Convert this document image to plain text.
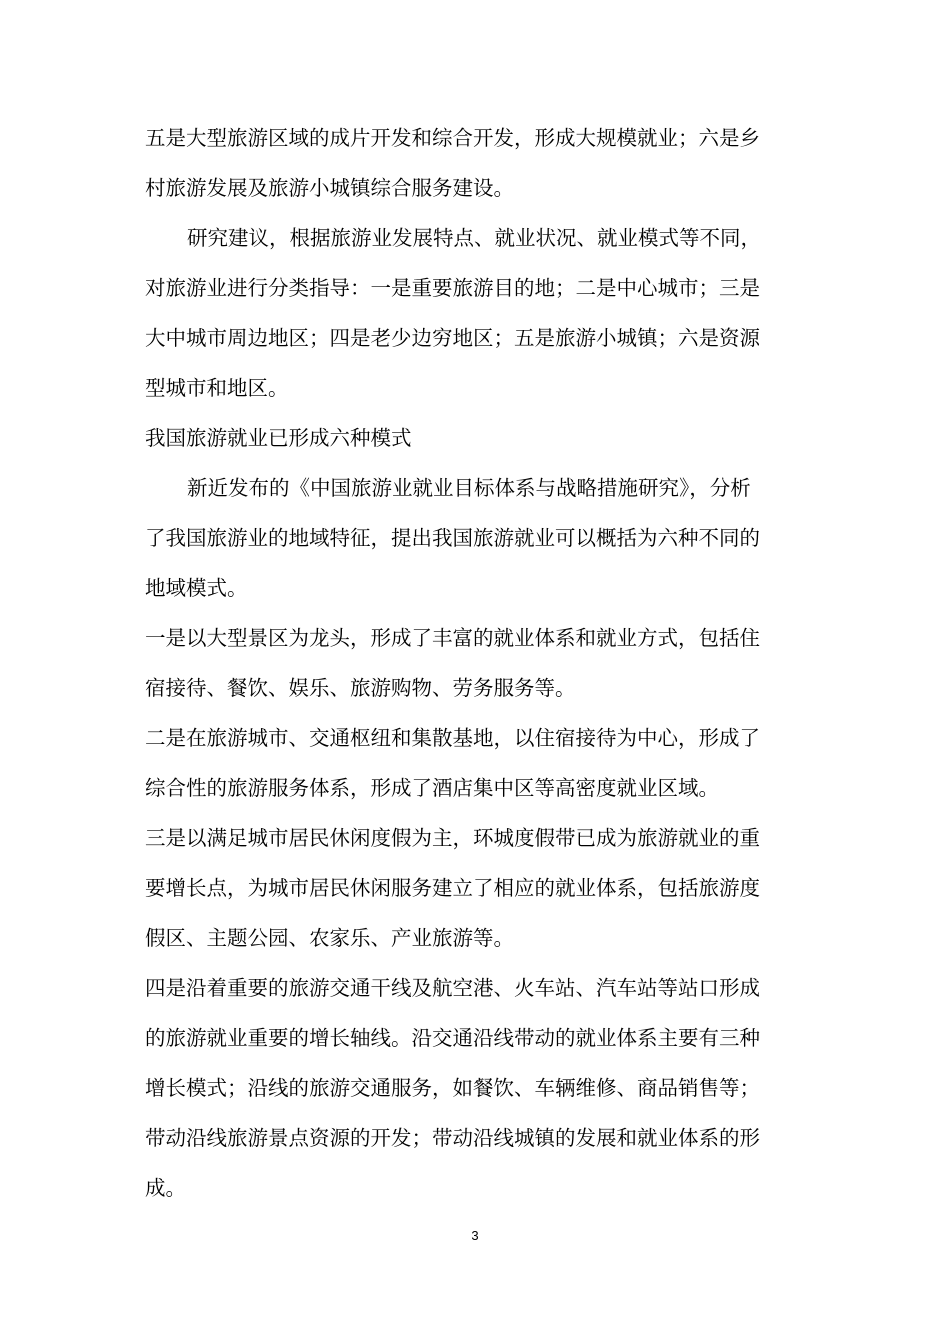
五是大型旅游区域的成片开发和综合开发，形成大规模就业；六是乡
村旅游发展及旅游小城镇综合服务建设。
研究建议，根据旅游业发展特点、就业状况、就业模式等不同，
对旅游业进行分类指导：一是重要旅游目的地；二是中心城市；三是
大中城市周边地区；四是老少边穷地区；五是旅游小城镇；六是资源
型城市和地区。
我国旅游就业已形成六种模式
新近发布的《中国旅游业就业目标体系与战略措施研究》，分析
了我国旅游业的地域特征，提出我国旅游就业可以概括为六种不同的
地域模式。
一是以大型景区为龙头，形成了丰富的就业体系和就业方式，包括住
宿接待、餐饮、娱乐、旅游购物、劳务服务等。
二是在旅游城市、交通枢纽和集散基地，以住宿接待为中心，形成了
综合性的旅游服务体系，形成了酒店集中区等高密度就业区域。
三是以满足城市居民休闲度假为主，环城度假带已成为旅游就业的重
要增长点，为城市居民休闲服务建立了相应的就业体系，包括旅游度
假区、主题公园、农家乐、产业旅游等。
四是沿着重要的旅游交通干线及航空港、火车站、汽车站等站口形成
的旅游就业重要的增长轴线。沿交通沿线带动的就业体系主要有三种
增长模式；沿线的旅游交通服务，如餐饮、车辆维修、商品销售等；
带动沿线旅游景点资源的开发；带动沿线城镇的发展和就业体系的形
成。
3
